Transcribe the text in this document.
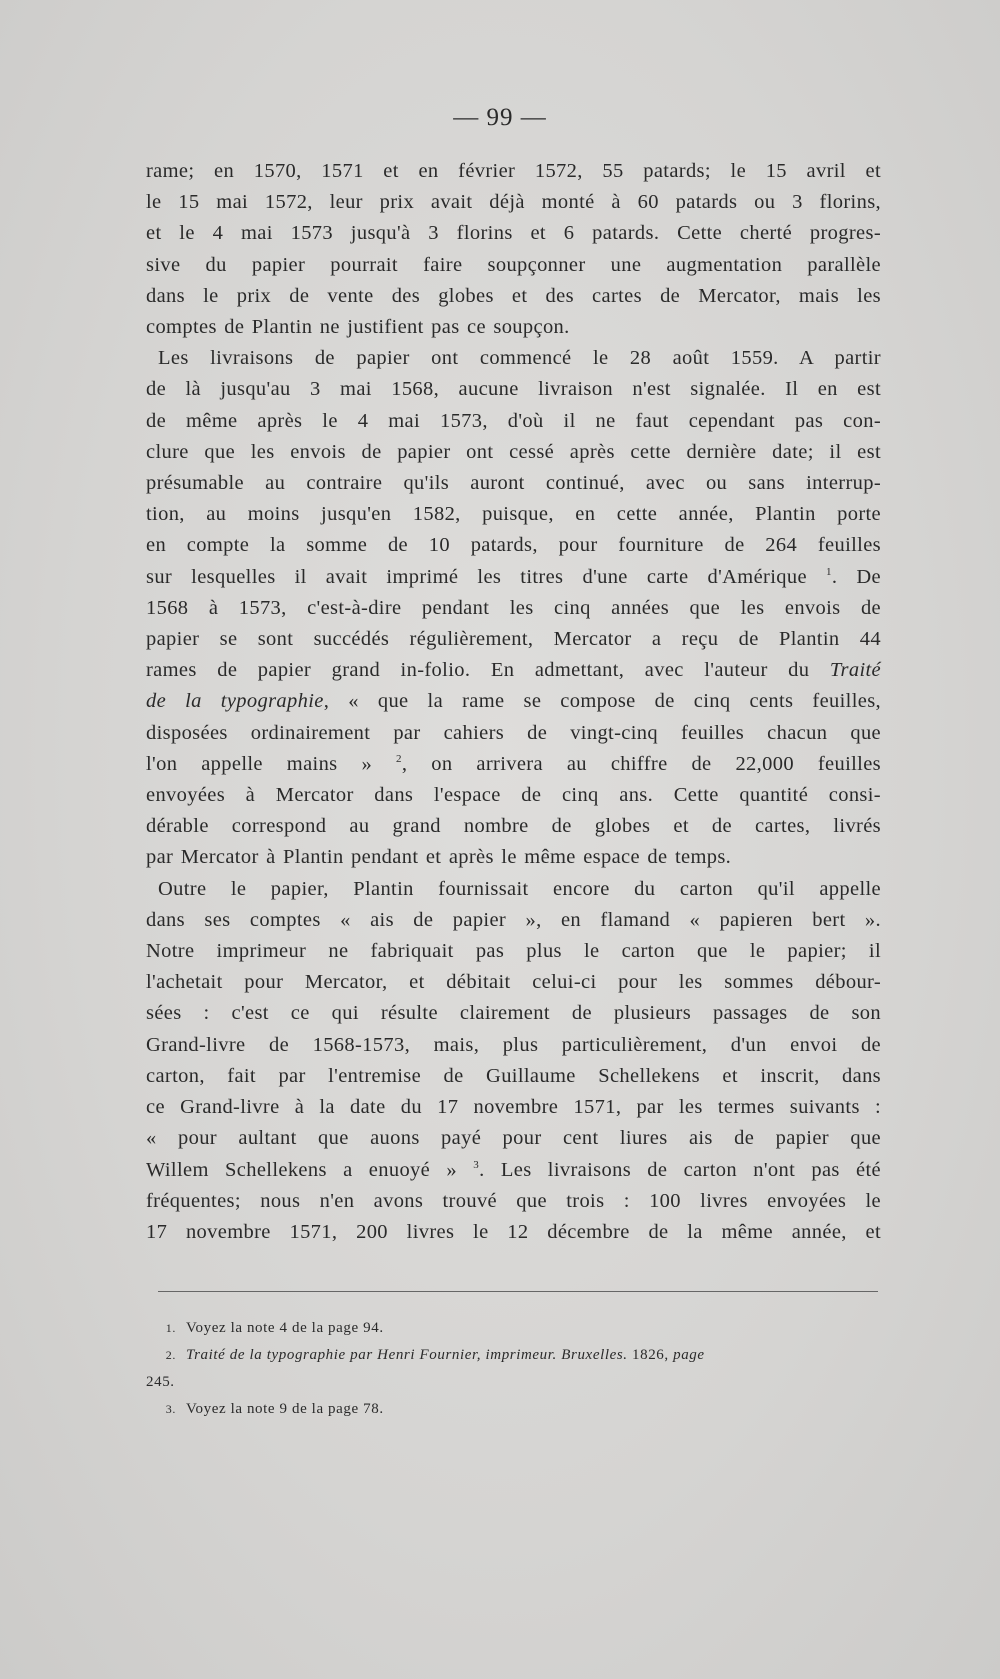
— 99 —
rame; en 1570, 1571 et en février 1572, 55 patards; le 15 avril et
le 15 mai 1572, leur prix avait déjà monté à 60 patards ou 3 florins,
et le 4 mai 1573 jusqu'à 3 florins et 6 patards. Cette cherté progres-
sive du papier pourrait faire soupçonner une augmentation parallèle
dans le prix de vente des globes et des cartes de Mercator, mais les
comptes de Plantin ne justifient pas ce soupçon.
Les livraisons de papier ont commencé le 28 août 1559. A partir
de là jusqu'au 3 mai 1568, aucune livraison n'est signalée. Il en est
de même après le 4 mai 1573, d'où il ne faut cependant pas con-
clure que les envois de papier ont cessé après cette dernière date; il est
présumable au contraire qu'ils auront continué, avec ou sans interrup-
tion, au moins jusqu'en 1582, puisque, en cette année, Plantin porte
en compte la somme de 10 patards, pour fourniture de 264 feuilles
sur lesquelles il avait imprimé les titres d'une carte d'Amérique $^1$. De
1568 à 1573, c'est-à-dire pendant les cinq années que les envois de
papier se sont succédés régulièrement, Mercator a reçu de Plantin 44
rames de papier grand in-folio. En admettant, avec l'auteur du Traité
de la typographie, « que la rame se compose de cinq cents feuilles,
disposées ordinairement par cahiers de vingt-cinq feuilles chacun que
l'on appelle mains » $^2$, on arrivera au chiffre de 22,000 feuilles
envoyées à Mercator dans l'espace de cinq ans. Cette quantité consi-
dérable correspond au grand nombre de globes et de cartes, livrés
par Mercator à Plantin pendant et après le même espace de temps.
Outre le papier, Plantin fournissait encore du carton qu'il appelle
dans ses comptes « ais de papier », en flamand « papieren bert ».
Notre imprimeur ne fabriquait pas plus le carton que le papier; il
l'achetait pour Mercator, et débitait celui-ci pour les sommes débour-
sées : c'est ce qui résulte clairement de plusieurs passages de son
Grand-livre de 1568-1573, mais, plus particulièrement, d'un envoi de
carton, fait par l'entremise de Guillaume Schellekens et inscrit, dans
ce Grand-livre à la date du 17 novembre 1571, par les termes suivants :
« pour aultant que auons payé pour cent liures ais de papier que
Willem Schellekens a enuoyé » $^3$. Les livraisons de carton n'ont pas été
fréquentes; nous n'en avons trouvé que trois : 100 livres envoyées le
17 novembre 1571, 200 livres le 12 décembre de la même année, et
1. Voyez la note 4 de la page 94.
2. Traité de la typographie par Henri Fournier, imprimeur. Bruxelles. 1826, page
245.
3. Voyez la note 9 de la page 78.
